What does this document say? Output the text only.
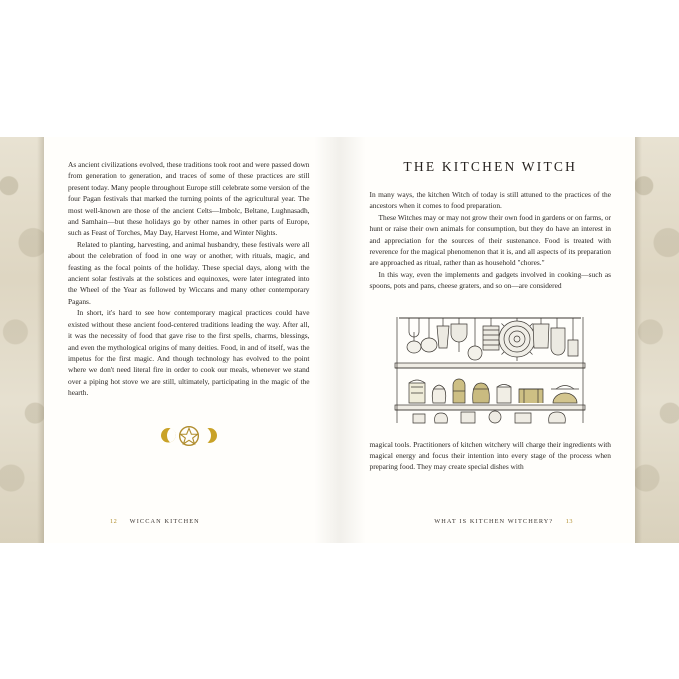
As ancient civilizations evolved, these traditions took root and were passed down from generation to generation, and traces of some of these practices are still present today. Many people throughout Europe still celebrate some version of the four Pagan festivals that marked the turning points of the agricultural year. The most well-known are those of the ancient Celts—Imbolc, Beltane, Lughnasadh, and Samhain—but these holidays go by other names in other parts of Europe, such as Feast of Torches, May Day, Harvest Home, and Winter Nights.

Related to planting, harvesting, and animal husbandry, these festivals were all about the celebration of food in one way or another, with rituals, magic, and feasting as the focal points of the holiday. These special days, along with the ancient solar festivals at the solstices and equinoxes, were later integrated into the Wheel of the Year as followed by Wiccans and many other contemporary Pagans.

In short, it's hard to see how contemporary magical practices could have existed without these ancient food-centered traditions leading the way. After all, it was the necessity of food that gave rise to the first spells, charms, blessings, and even the mythological origins of many deities. Food, in and of itself, was the impetus for the first magic. And though technology has evolved to the point where we don't need literal fire in order to cook our meals, whenever we stand over a piping hot stove we are still, ultimately, participating in the magic of the hearth.

12 WICCAN KITCHEN
THE KITCHEN WITCH

In many ways, the kitchen Witch of today is still attuned to the practices of the ancestors when it comes to food preparation.

These Witches may or may not grow their own food in gardens or on farms, or hunt or raise their own animals for consumption, but they do have an interest in and appreciation for the sources of their sustenance. Food is treated with reverence for the magical phenomenon that it is, and all aspects of its preparation are approached as ritual, rather than as household "chores."

In this way, even the implements and gadgets involved in cooking—such as spoons, pots and pans, cheese graters, and so on—are considered

magical tools. Practitioners of kitchen witchery will charge their ingredients with magical energy and focus their intention into every stage of the process when preparing food. They may create special dishes with

WHAT IS KITCHEN WITCHERY? 13
